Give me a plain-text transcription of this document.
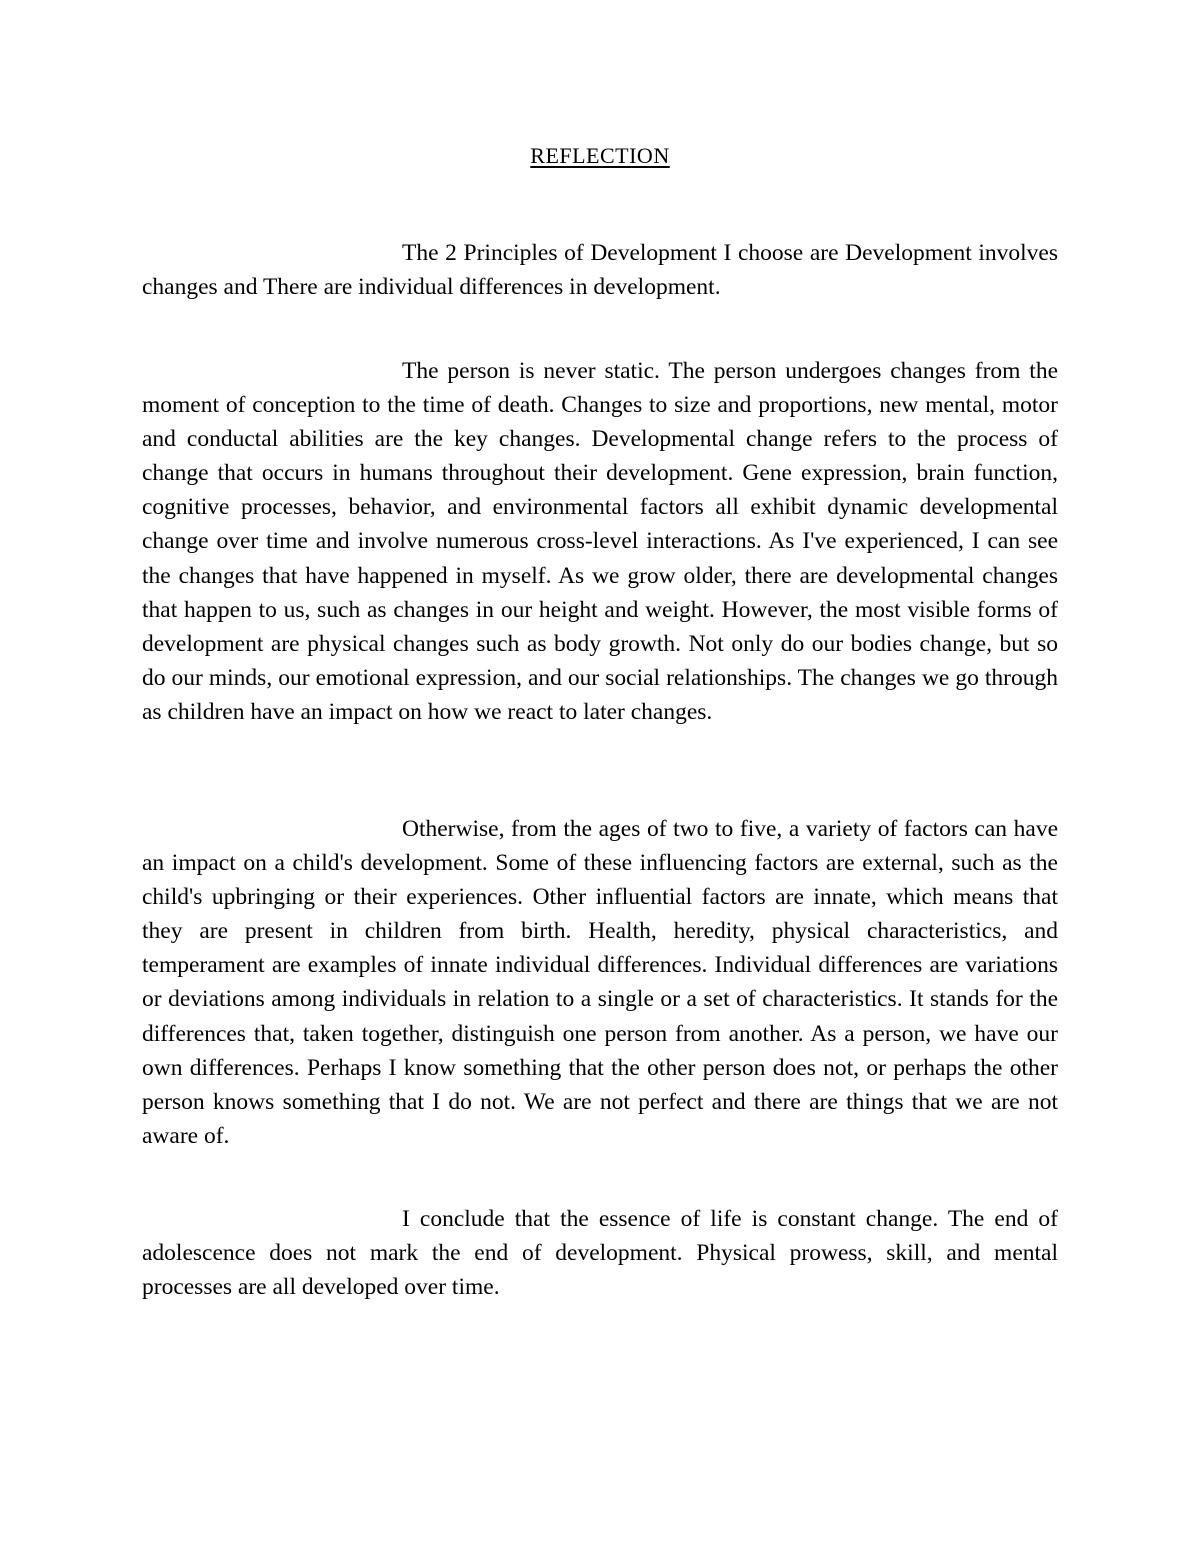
REFLECTION

The 2 Principles of Development I choose are Development involves changes and There are individual differences in development.

The person is never static. The person undergoes changes from the moment of conception to the time of death. Changes to size and proportions, new mental, motor and conductal abilities are the key changes. Developmental change refers to the process of change that occurs in humans throughout their development. Gene expression, brain function, cognitive processes, behavior, and environmental factors all exhibit dynamic developmental change over time and involve numerous cross-level interactions. As I've experienced, I can see the changes that have happened in myself. As we grow older, there are developmental changes that happen to us, such as changes in our height and weight. However, the most visible forms of development are physical changes such as body growth. Not only do our bodies change, but so do our minds, our emotional expression, and our social relationships. The changes we go through as children have an impact on how we react to later changes.

Otherwise, from the ages of two to five, a variety of factors can have an impact on a child's development. Some of these influencing factors are external, such as the child's upbringing or their experiences. Other influential factors are innate, which means that they are present in children from birth. Health, heredity, physical characteristics, and temperament are examples of innate individual differences. Individual differences are variations or deviations among individuals in relation to a single or a set of characteristics. It stands for the differences that, taken together, distinguish one person from another. As a person, we have our own differences. Perhaps I know something that the other person does not, or perhaps the other person knows something that I do not. We are not perfect and there are things that we are not aware of.

I conclude that the essence of life is constant change. The end of adolescence does not mark the end of development. Physical prowess, skill, and mental processes are all developed over time.
